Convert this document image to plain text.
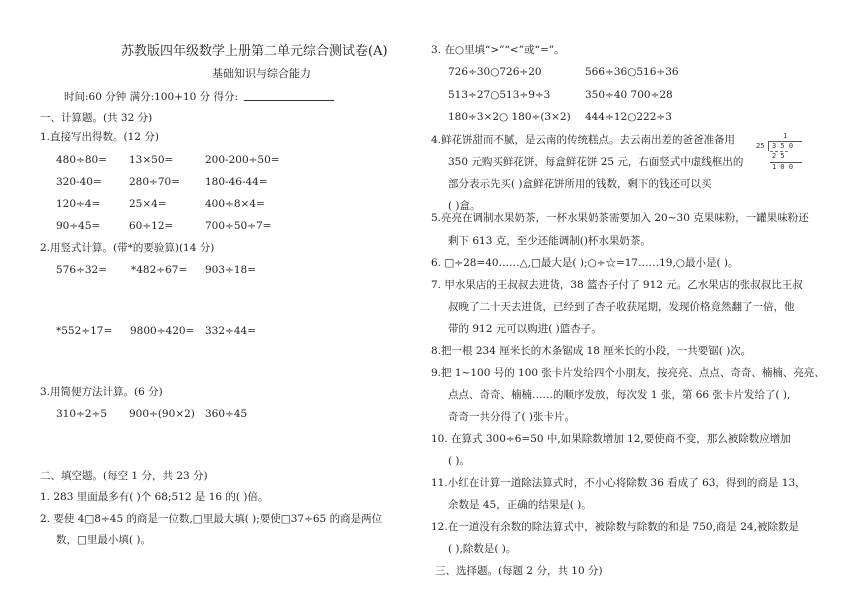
苏教版四年级数学上册第二单元综合测试卷(A)
基础知识与综合能力
时间:60 分钟 满分:100+10 分 得分:
一、计算题。(共 32 分)
1.直接写出得数。(12 分)
480÷80= 13×50=	200-200÷50=
320-40=	280÷70= 180-46-44=
120÷4=	25×4=	400÷8×4=
90÷45=	60÷12=	700÷50÷7=
2.用竖式计算。(带*的要验算)(14 分)
576÷32= *482÷67= 903÷18=
*552÷17= 9800÷420= 332÷44=
3.用简便方法计算。(6 分)
310÷2÷5 900÷(90×2) 360÷45
二、填空题。(每空 1 分，共 23 分)
1. 283 里面最多有( )个 68;512 是 16 的( )倍。
2. 要使 4□8÷45 的商是一位数,□里最大填( );要使□37÷65 的商是两位
数，□里最小填( )。
3. 在○里填“>”“<”或“=”。
726÷30○726÷20	566÷36○516÷36
513÷27○513÷9÷3	350÷40 700÷28
180÷3×2○ 180÷(3×2) 444÷12○222÷3
4.鲜花饼甜而不腻，是云南的传统糕点。去云南出差的爸爸准备用
350 元购买鲜花饼，每盒鲜花饼 25 元，右面竖式中虚线框出的
部分表示先买( )盒鲜花饼所用的钱数，剩下的钱还可以买
( )盒。
1
25 3 5 0
2 5
1 0 0
5.亮亮在调制水果奶茶，一杯水果奶茶需要加入 20~30 克果味粉，一罐果味粉还
剩下 613 克，至少还能调制()杯水果奶茶。
6. □÷28=40……△,□最大是( );○÷☆=17……19,○最小是( )。
7. 甲水果店的王叔叔去进货，38 篮杏子付了 912 元。乙水果店的张叔叔比王叔
叔晚了二十天去进货，已经到了杏子收获尾期，发现价格竟然翻了一倍，他
带的 912 元可以购进( )篮杏子。
8.把一根 234 厘米长的木条锯成 18 厘米长的小段，一共要锯( )次。
9.把 1~100 号的 100 张卡片发给四个小朋友，按亮亮、点点、奇奇、楠楠、亮亮、
点点、奇奇、楠楠……的顺序发放，每次发 1 张，第 66 张卡片发给了( ),
奇奇一共分得了( )张卡片。
10. 在算式 300÷6=50 中,如果除数增加 12,要使商不变，那么被除数应增加
( )。
11.小红在计算一道除法算式时，不小心将除数 36 看成了 63，得到的商是 13，
余数是 45，正确的结果是( )。
12.在一道没有余数的除法算式中，被除数与除数的和是 750,商是 24,被除数是
( ),除数是( )。
三、选择题。(每题 2 分，共 10 分)
